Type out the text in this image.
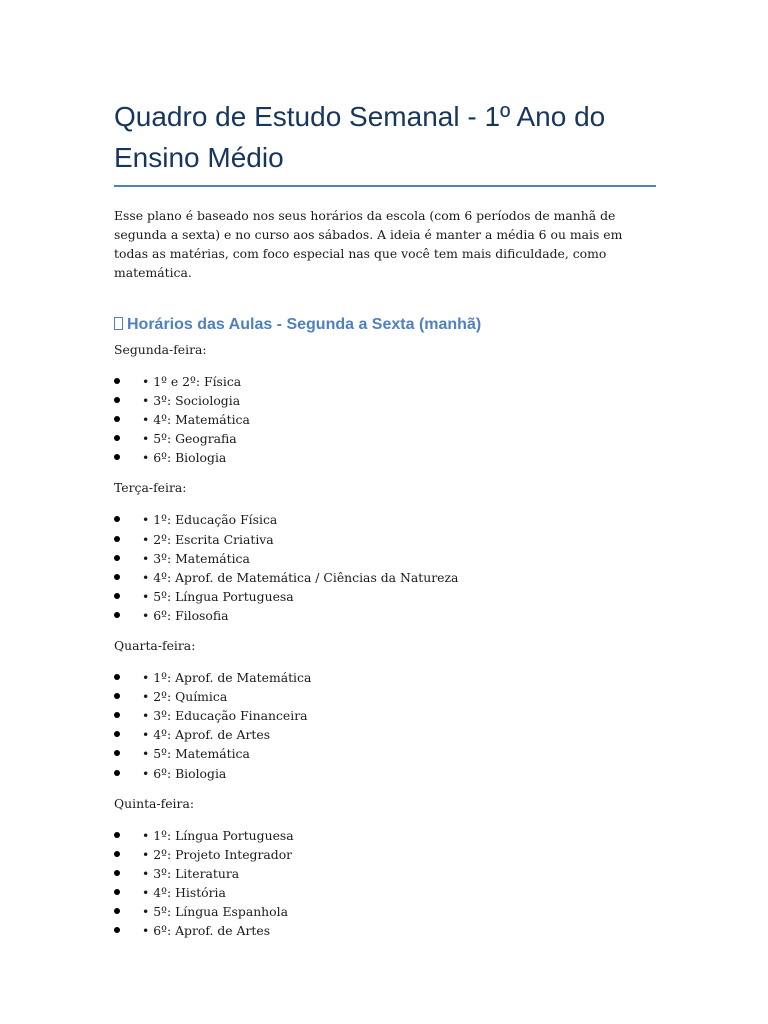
Quadro de Estudo Semanal - 1º Ano do Ensino Médio

Esse plano é baseado nos seus horários da escola (com 6 períodos de manhã de segunda a sexta) e no curso aos sábados. A ideia é manter a média 6 ou mais em todas as matérias, com foco especial nas que você tem mais dificuldade, como matemática.

Horários das Aulas - Segunda a Sexta (manhã)

Segunda-feira:

• 1º e 2º: Física
• 3º: Sociologia
• 4º: Matemática
• 5º: Geografia
• 6º: Biologia

Terça-feira:

• 1º: Educação Física
• 2º: Escrita Criativa
• 3º: Matemática
• 4º: Aprof. de Matemática / Ciências da Natureza
• 5º: Língua Portuguesa
• 6º: Filosofia

Quarta-feira:

• 1º: Aprof. de Matemática
• 2º: Química
• 3º: Educação Financeira
• 4º: Aprof. de Artes
• 5º: Matemática
• 6º: Biologia

Quinta-feira:

• 1º: Língua Portuguesa
• 2º: Projeto Integrador
• 3º: Literatura
• 4º: História
• 5º: Língua Espanhola
• 6º: Aprof. de Artes
